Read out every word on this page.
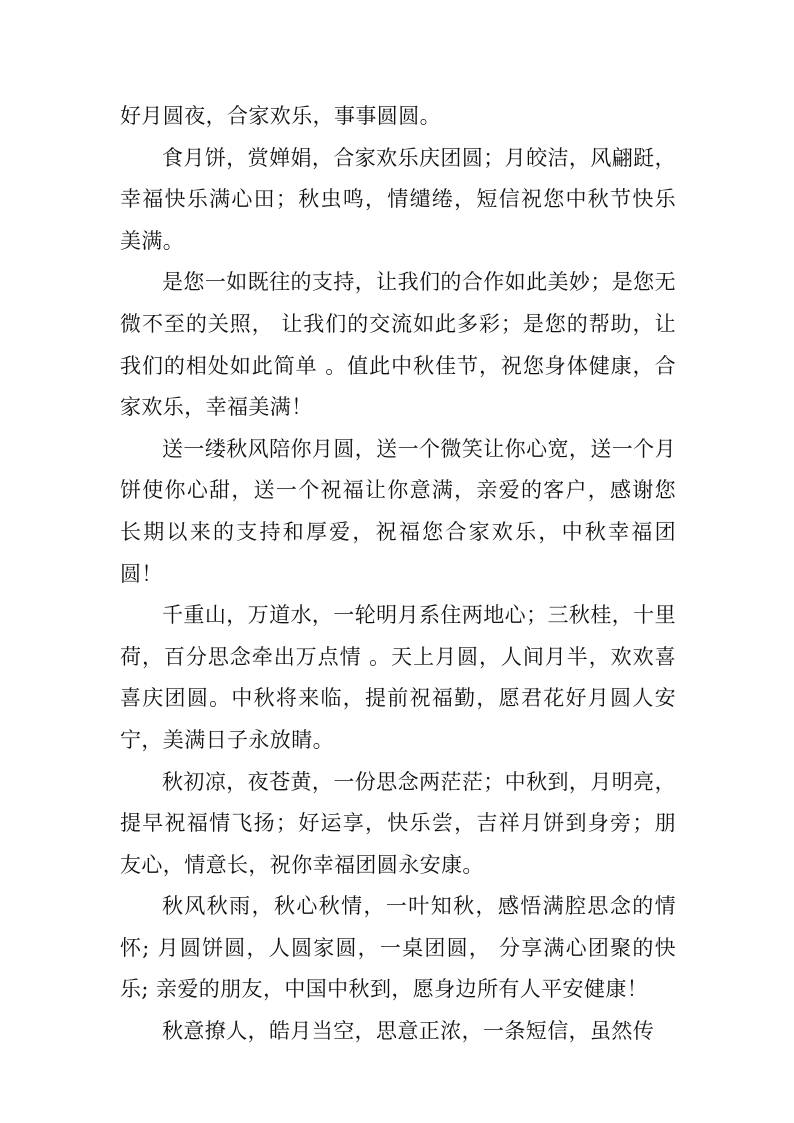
好月圆夜，合家欢乐，事事圆圆。

食月饼，赏婵娟，合家欢乐庆团圆；月皎洁，风翩跹，幸福快乐满心田；秋虫鸣，情缱绻，短信祝您中秋节快乐美满。

是您一如既往的支持，让我们的合作如此美妙；是您无微不至的关照， 让我们的交流如此多彩；是您的帮助，让我们的相处如此简单 。值此中秋佳节，祝您身体健康，合家欢乐，幸福美满！

送一缕秋风陪你月圆，送一个微笑让你心宽，送一个月饼使你心甜，送一个祝福让你意满，亲爱的客户，感谢您长期以来的支持和厚爱，祝福您合家欢乐，中秋幸福团圆！

千重山，万道水，一轮明月系住两地心；三秋桂，十里荷，百分思念牵出万点情 。天上月圆，人间月半，欢欢喜喜庆团圆。中秋将来临，提前祝福勤，愿君花好月圆人安宁，美满日子永放睛。

秋初凉，夜苍黄，一份思念两茫茫；中秋到，月明亮，提早祝福情飞扬；好运享，快乐尝，吉祥月饼到身旁；朋友心，情意长，祝你幸福团圆永安康。

秋风秋雨，秋心秋情，一叶知秋，感悟满腔思念的情怀; 月圆饼圆，人圆家圆，一桌团圆， 分享满心团聚的快乐; 亲爱的朋友，中国中秋到，愿身边所有人平安健康！

秋意撩人，皓月当空，思意正浓，一条短信，虽然传
